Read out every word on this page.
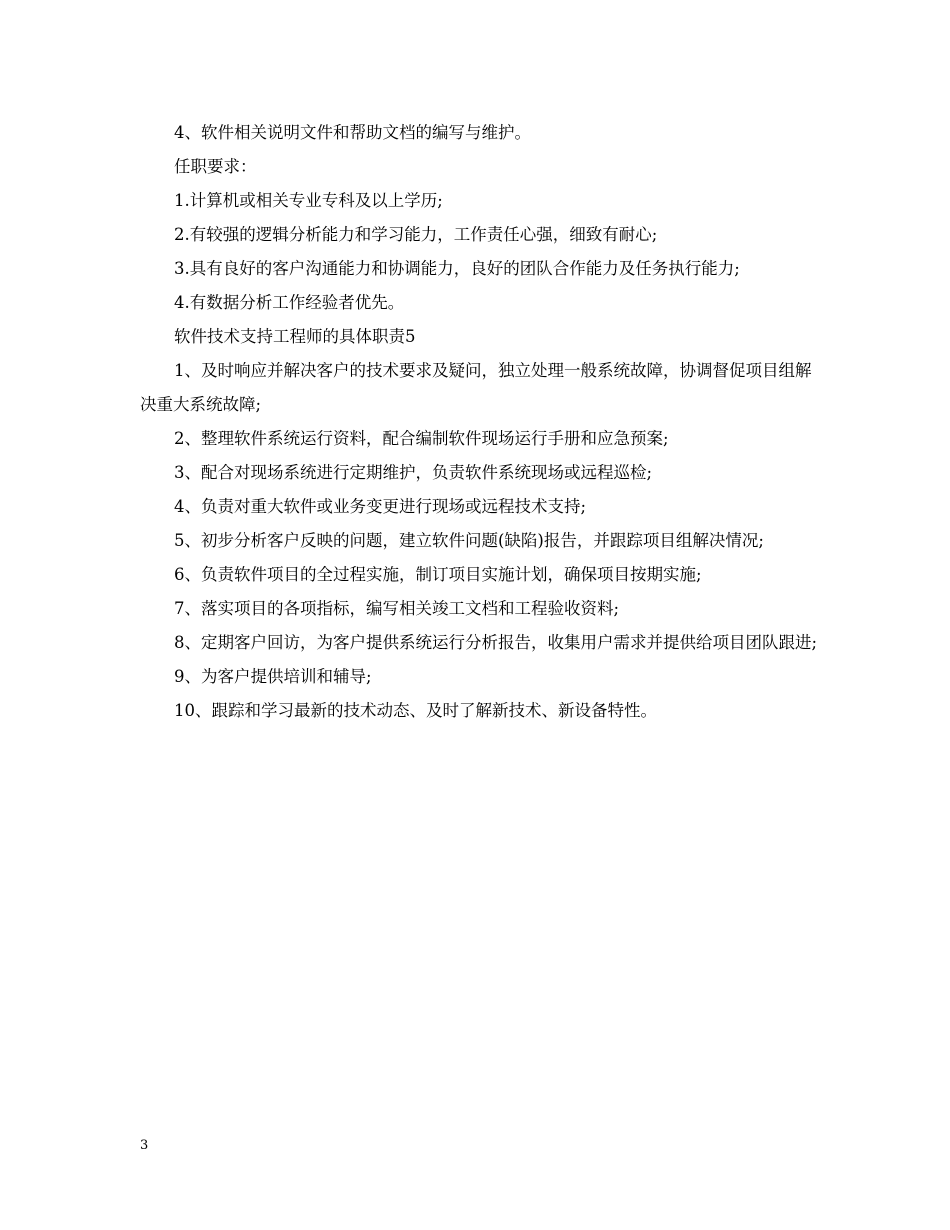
4、软件相关说明文件和帮助文档的编写与维护。

任职要求：

1.计算机或相关专业专科及以上学历;

2.有较强的逻辑分析能力和学习能力，工作责任心强，细致有耐心;

3.具有良好的客户沟通能力和协调能力，良好的团队合作能力及任务执行能力;

4.有数据分析工作经验者优先。

软件技术支持工程师的具体职责5

1、及时响应并解决客户的技术要求及疑问，独立处理一般系统故障，协调督促项目组解决重大系统故障;

2、整理软件系统运行资料，配合编制软件现场运行手册和应急预案;

3、配合对现场系统进行定期维护，负责软件系统现场或远程巡检;

4、负责对重大软件或业务变更进行现场或远程技术支持;

5、初步分析客户反映的问题，建立软件问题(缺陷)报告，并跟踪项目组解决情况;

6、负责软件项目的全过程实施，制订项目实施计划，确保项目按期实施;

7、落实项目的各项指标，编写相关竣工文档和工程验收资料;

8、定期客户回访，为客户提供系统运行分析报告，收集用户需求并提供给项目团队跟进;

9、为客户提供培训和辅导;

10、跟踪和学习最新的技术动态、及时了解新技术、新设备特性。

3
